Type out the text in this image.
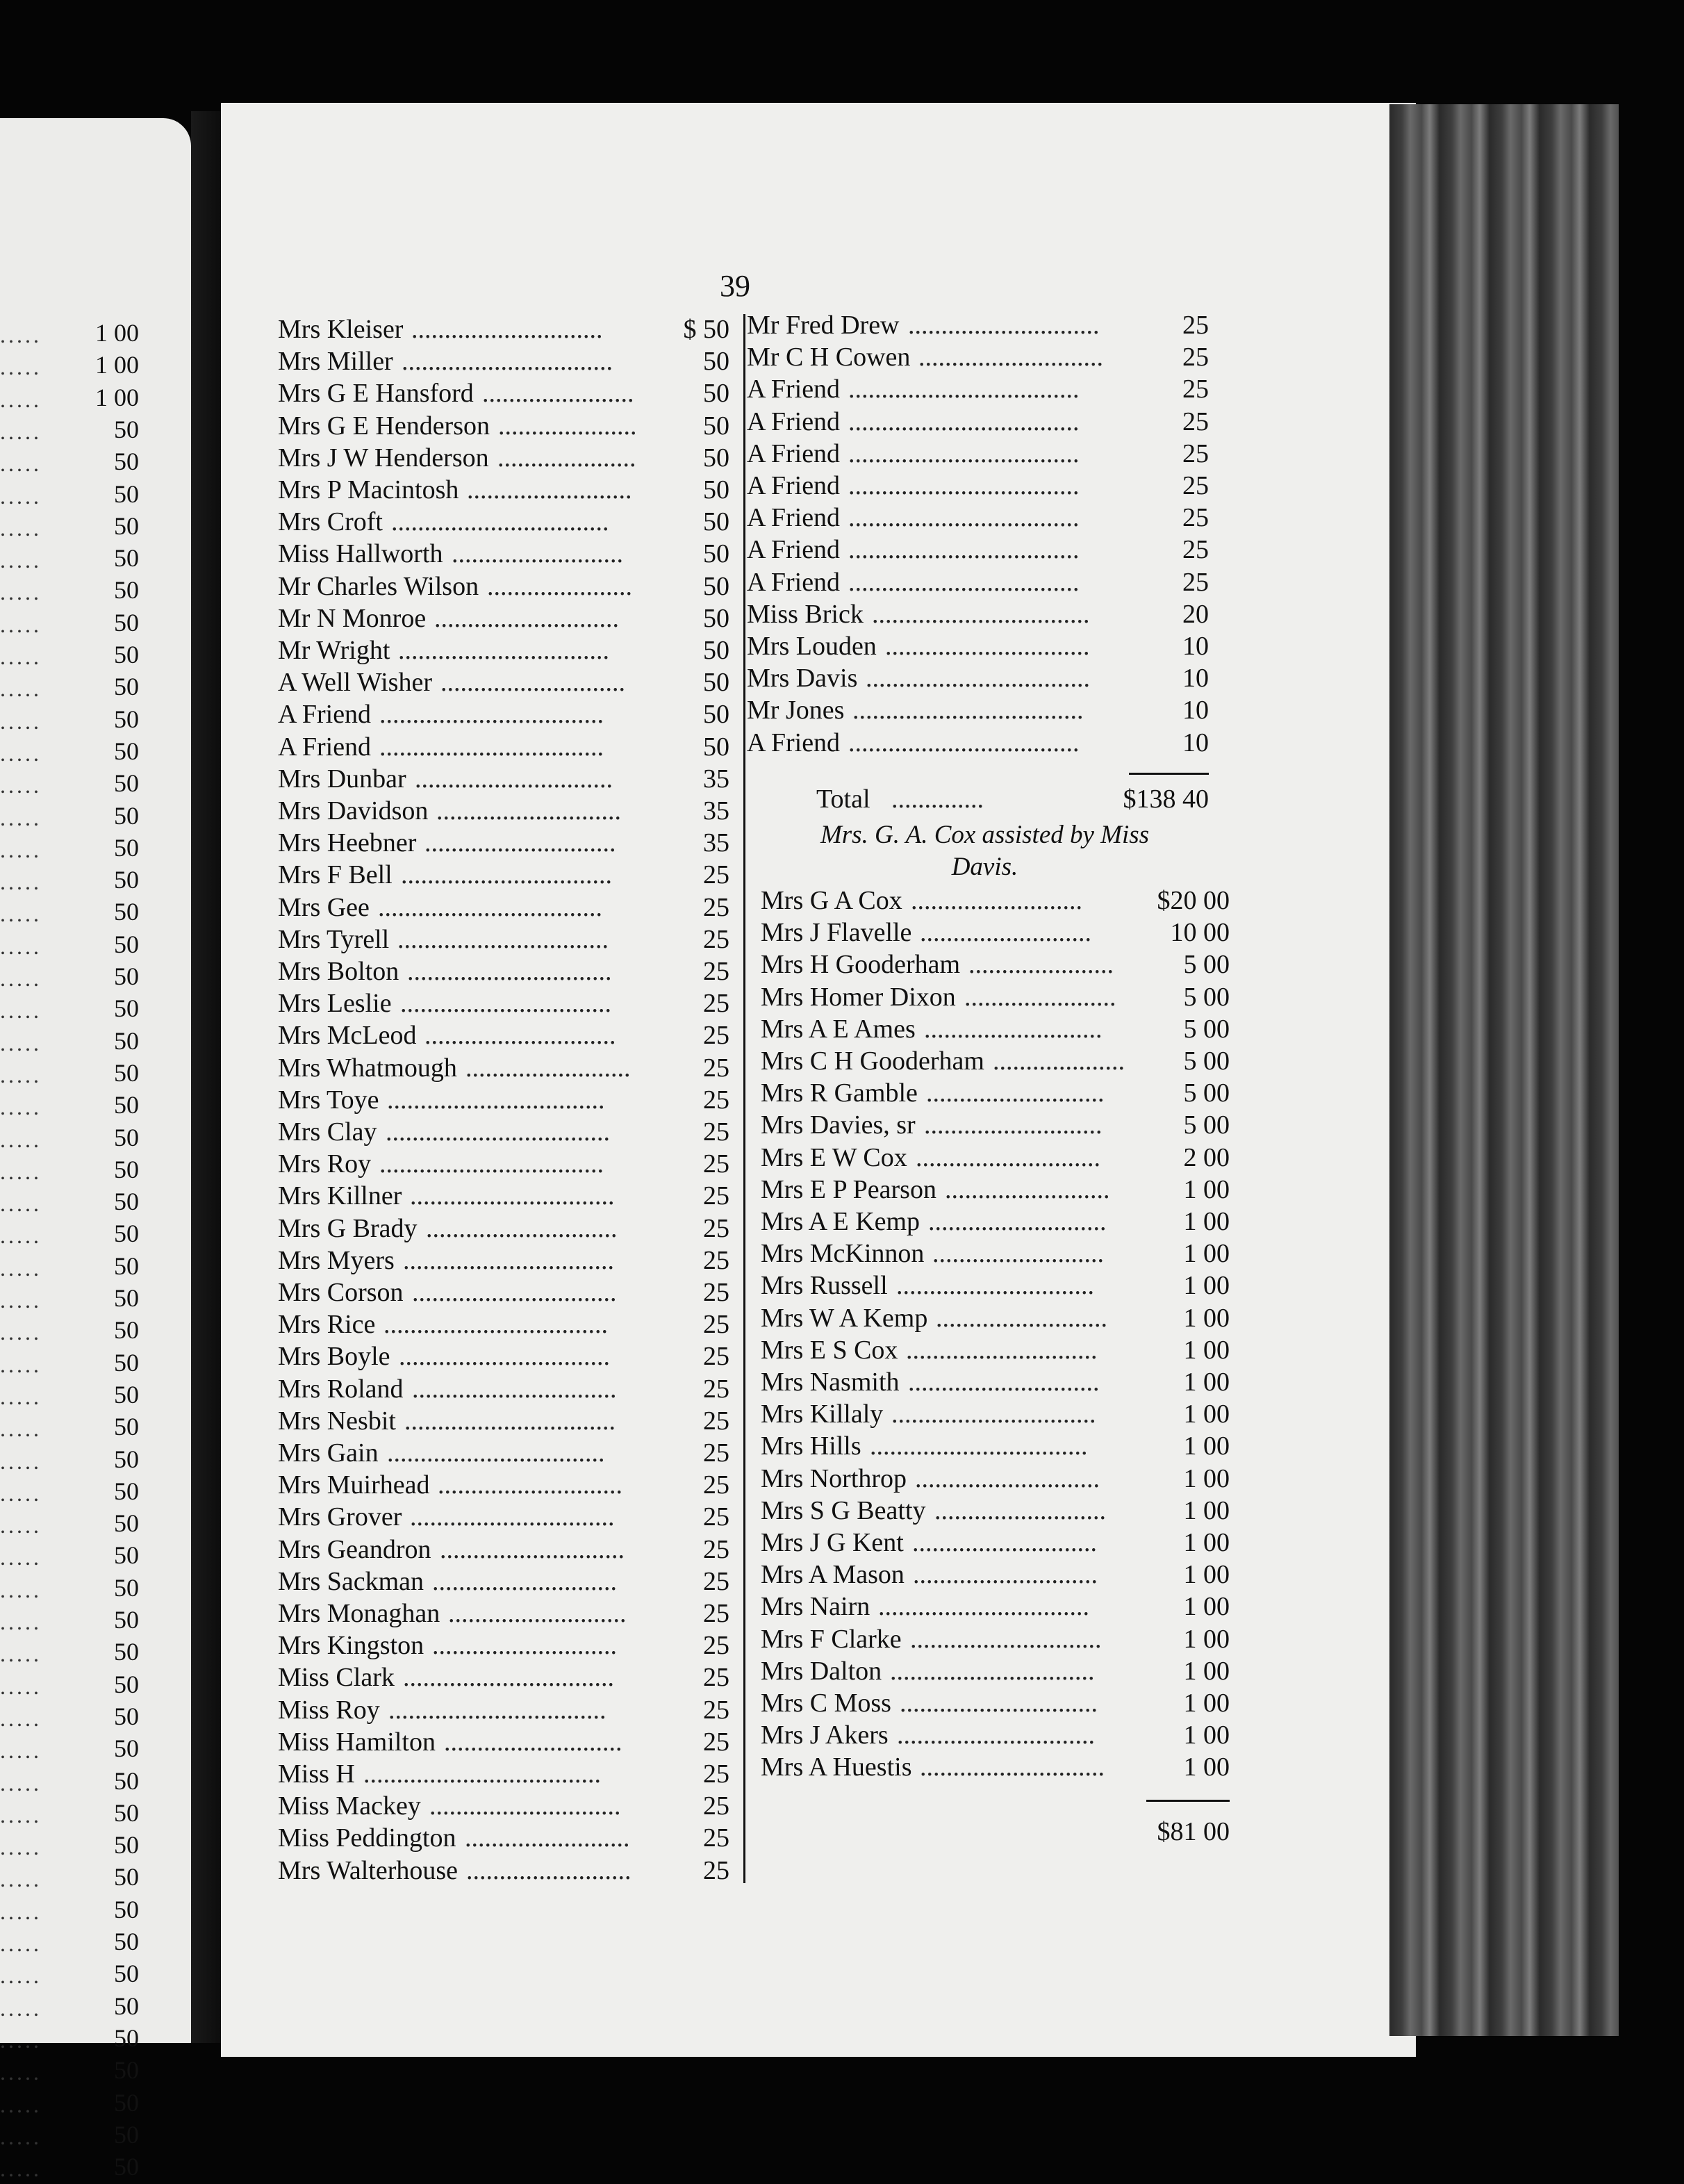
..... 1 00
..... 1 00
..... 1 00
.....	50
.....	50
.....	50
.....	50
.....	50
.....	50
.....	50
.....	50
.....	50
.....	50
.....	50
.....	50
.....	50
.....	50
.....	50
.....	50
.....	50
.....	50
.....	50
.....	50
.....	50
.....	50
.....	50
.....	50
.....	50
.....	50
.....	50
.....	50
.....	50
.....	50
.....	50
.....	50
.....	50
.....	50
.....	50
.....	50
.....	50
.....	50
.....	50
.....	50
.....	50
.....	50
.....	50
.....	50
.....	50
.....	50
.....	50
.....	50
.....	50
.....	50
.....	50
.....	50
.....	50
.....	50
.....	50
39
Mrs Kleiser	$ 50
.............................
Mrs Miller	50
................................
Mrs G E Hansford	50
.......................
Mrs G E Henderson	50
.....................
Mrs J W Henderson	50
.....................
Mrs P Macintosh	50
.........................
Mrs Croft	50
.................................
Miss Hallworth	50
..........................
Mr Charles Wilson	50
......................
Mr N Monroe	50
............................
Mr Wright	50
................................
A Well Wisher	50
............................
A Friend	50
..................................
A Friend	50
..................................
Mrs Dunbar	35
..............................
Mrs Davidson	35
............................
Mrs Heebner	35
.............................
Mrs F Bell	25
................................
Mrs Gee	25
..................................
Mrs Tyrell	25
................................
Mrs Bolton	25
...............................
Mrs Leslie	25
................................
Mrs McLeod	25
.............................
Mrs Whatmough	25
.........................
Mrs Toye	25
.................................
Mrs Clay	25
..................................
Mrs Roy	25
..................................
Mrs Killner	25
...............................
Mrs G Brady	25
.............................
Mrs Myers	25
................................
Mrs Corson	25
...............................
Mrs Rice	25
..................................
Mrs Boyle	25
................................
Mrs Roland	25
...............................
Mrs Nesbit	25
................................
Mrs Gain	25
.................................
Mrs Muirhead	25
............................
Mrs Grover	25
...............................
Mrs Geandron	25
............................
Mrs Sackman	25
............................
Mrs Monaghan	25
...........................
Mrs Kingston	25
............................
Miss Clark	25
................................
Miss Roy	25
.................................
Miss Hamilton	25
...........................
Miss H	25
....................................
Miss Mackey	25
.............................
Miss Peddington	25
.........................
Mrs Walterhouse	25
.........................
Mr Fred Drew	25
.............................
Mr C H Cowen	25
............................
A Friend	25
...................................
A Friend	25
...................................
A Friend	25
...................................
A Friend	25
...................................
A Friend	25
...................................
A Friend	25
...................................
A Friend	25
...................................
Miss Brick	20
.................................
Mrs Louden	10
...............................
Mrs Davis	10
..................................
Mr Jones	10
...................................
A Friend	10
...................................
Total ..............	$138 40
Mrs. G. A. Cox assisted by Miss
Davis.
Mrs G A Cox	$20 00
..........................
Mrs J Flavelle	10 00
..........................
Mrs H Gooderham	5 00
......................
Mrs Homer Dixon	5 00
.......................
Mrs A E Ames	5 00
...........................
Mrs C H Gooderham	5 00
....................
Mrs R Gamble	5 00
...........................
Mrs Davies, sr	5 00
...........................
Mrs E W Cox	2 00
............................
Mrs E P Pearson	1 00
.........................
Mrs A E Kemp	1 00
...........................
Mrs McKinnon	1 00
..........................
Mrs Russell	1 00
..............................
Mrs W A Kemp	1 00
..........................
Mrs E S Cox	1 00
.............................
Mrs Nasmith	1 00
.............................
Mrs Killaly	1 00
...............................
Mrs Hills	1 00
.................................
Mrs Northrop	1 00
............................
Mrs S G Beatty	1 00
..........................
Mrs J G Kent	1 00
............................
Mrs A Mason	1 00
............................
Mrs Nairn	1 00
................................
Mrs F Clarke	1 00
.............................
Mrs Dalton	1 00
...............................
Mrs C Moss	1 00
..............................
Mrs J Akers	1 00
..............................
Mrs A Huestis	1 00
............................
$81 00
